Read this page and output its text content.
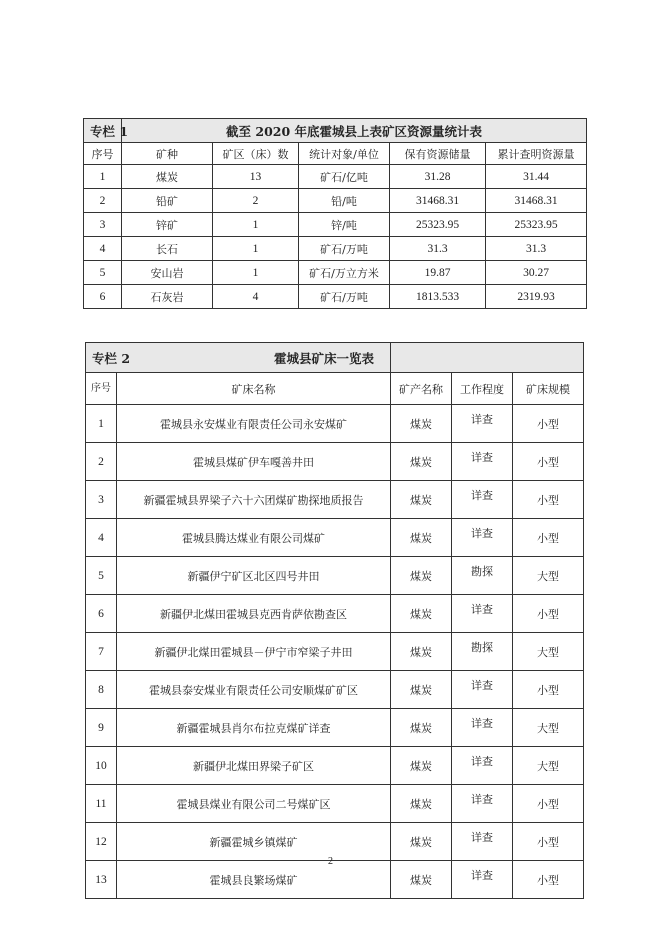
专栏 1	截至 2020 年底霍城县上表矿区资源量统计表				
序号	矿种	矿区（床）数	统计对象/单位	保有资源储量	累计查明资源量
1	煤炭	13	矿石/亿吨	31.28	31.44
2	铅矿	2	铅/吨	31468.31	31468.31
3	锌矿	1	锌/吨	25323.95	25323.95
4	长石	1	矿石/万吨	31.3	31.3
5	安山岩	1	矿石/万立方米	19.87	30.27
6	石灰岩	4	矿石/万吨	1813.533	2319.93
专栏 2 霍城县矿床一览表				

序号	矿床名称	矿产名称	工作程度	矿床规模
1	霍城县永安煤业有限责任公司永安煤矿	煤炭	详查	小型
2	霍城县煤矿伊车嘎善井田	煤炭	详查	小型
3	新疆霍城县界梁子六十六团煤矿勘探地质报告	煤炭	详查	小型
4	霍城县腾达煤业有限公司煤矿	煤炭	详查	小型
5	新疆伊宁矿区北区四号井田	煤炭	勘探	大型
6	新疆伊北煤田霍城县克西肯萨依勘查区	煤炭	详查	小型
7	新疆伊北煤田霍城县－伊宁市窄梁子井田	煤炭	勘探	大型
8	霍城县泰安煤业有限责任公司安顺煤矿矿区	煤炭	详查	小型
9	新疆霍城县肖尔布拉克煤矿详查	煤炭	详查	大型
10	新疆伊北煤田界梁子矿区	煤炭	详查	大型
11	霍城县煤业有限公司二号煤矿区	煤炭	详查	小型
12	新疆霍城乡镇煤矿	煤炭	详查	小型
13	霍城县良繁场煤矿	煤炭	详查	小型
2
